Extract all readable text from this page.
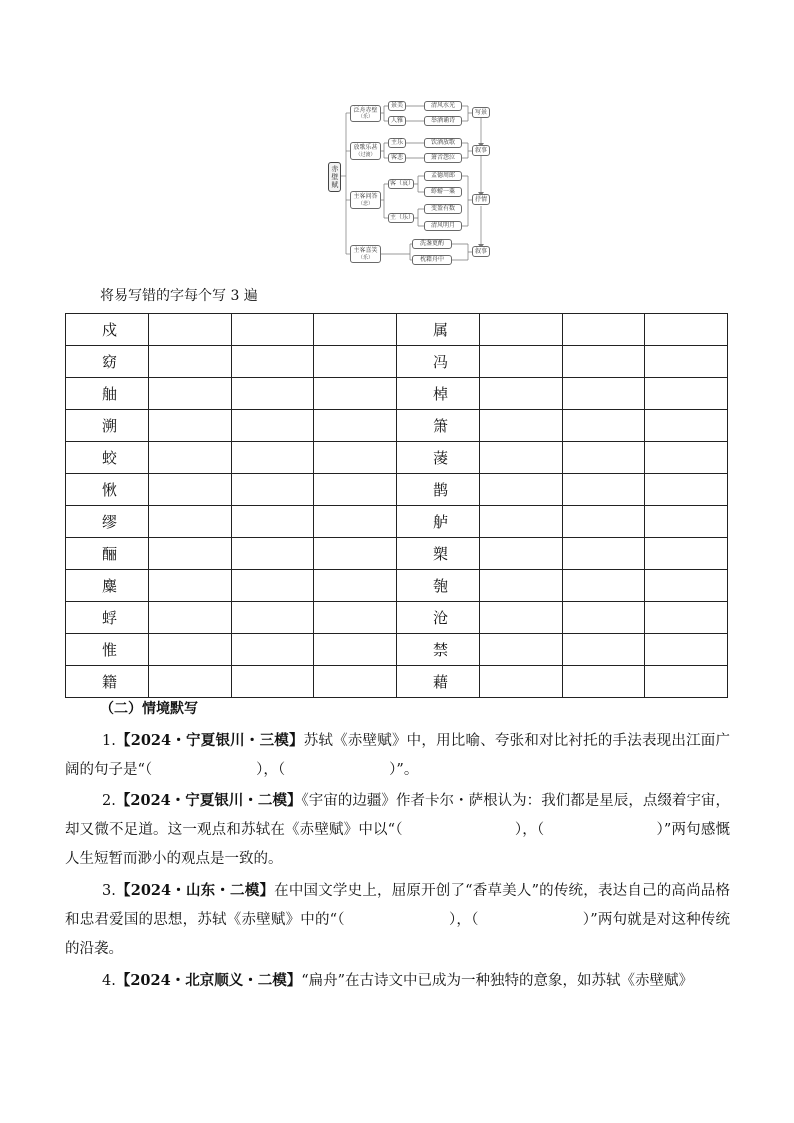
赤壁赋
泛舟赤壁
（乐）
放歌乐甚
（过渡）
主客问答
（悲）
主客喜笑
（乐）
景美
人雅
主乐
客悲
客（哀）
主（乐）
清风水光
举酒诵诗
饮酒放歌
箫音怨泣
孟德周郎
蜉蝣一粟
变盈有数
清风明月
洗盏更酌
枕藉舟中
写景
叙事
抒情
叙事
将易写错的字每个写 3 遍
戍				属			
窈				冯			
舳				棹			
溯				箫			
蛟				蓤			
愀				鹊			
缪				舻			
酾				槊			
麋				匏			
蜉				沧			
惟				禁			
籍				藉			
（二）情境默写

1.【2024・宁夏银川・三模】苏轼《赤壁赋》中，用比喻、夸张和对比衬托的手法表现出江面广阔的句子是“（	），（	）”。

2.【2024・宁夏银川・二模】《宇宙的边疆》作者卡尔・萨根认为：我们都是星辰，点缀着宇宙，却又微不足道。这一观点和苏轼在《赤壁赋》中以“（	），（	）”两句感慨人生短暂而渺小的观点是一致的。

3.【2024・山东・二模】在中国文学史上，屈原开创了“香草美人”的传统，表达自己的高尚品格和忠君爱国的思想，苏轼《赤壁赋》中的“（	），（	）”两句就是对这种传统的沿袭。

4.【2024・北京顺义・二模】“扁舟”在古诗文中已成为一种独特的意象，如苏轼《赤壁赋》
